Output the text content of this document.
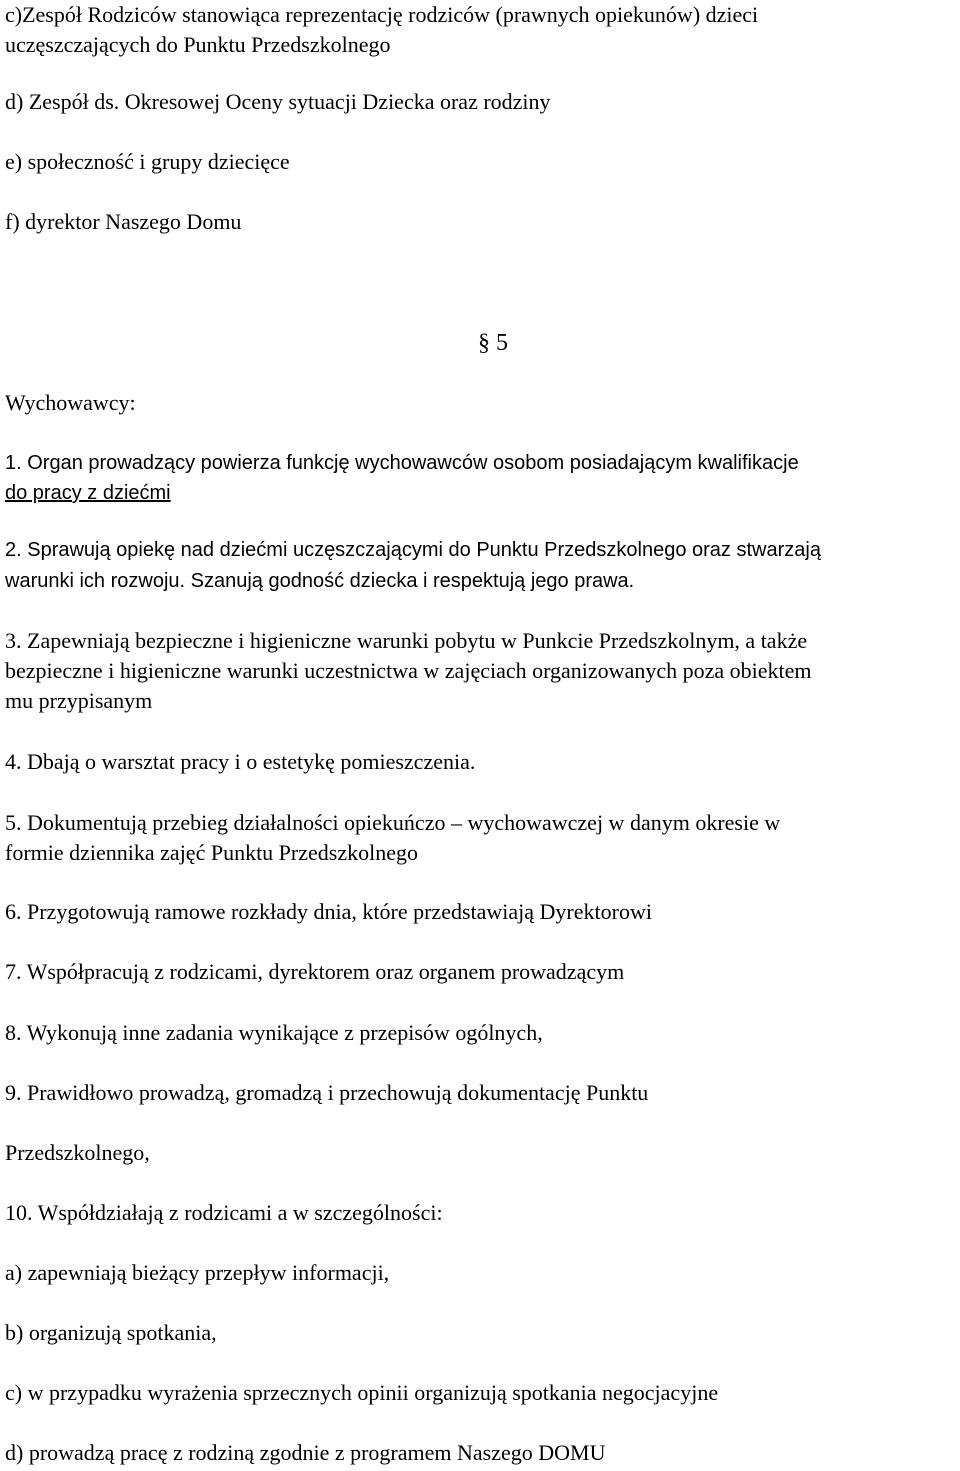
c)Zespół Rodziców stanowiąca reprezentację rodziców (prawnych opiekunów) dzieci
uczęszczających do Punktu Przedszkolnego
d) Zespół ds. Okresowej Oceny sytuacji Dziecka oraz rodziny
e) społeczność i grupy dziecięce
f) dyrektor Naszego Domu
§ 5
Wychowawcy:
1. Organ prowadzący powierza funkcję wychowawców osobom posiadającym kwalifikacje
do pracy z dziećmi
2. Sprawują opiekę nad dziećmi uczęszczającymi do Punktu Przedszkolnego oraz stwarzają
warunki ich rozwoju. Szanują godność dziecka i respektują jego prawa.
3. Zapewniają bezpieczne i higieniczne warunki pobytu w Punkcie Przedszkolnym, a także
bezpieczne i higieniczne warunki uczestnictwa w zajęciach organizowanych poza obiektem
mu przypisanym
4. Dbają o warsztat pracy i o estetykę pomieszczenia.
5. Dokumentują przebieg działalności opiekuńczo – wychowawczej w danym okresie w
formie dziennika zajęć Punktu Przedszkolnego
6. Przygotowują ramowe rozkłady dnia, które przedstawiają Dyrektorowi
7. Współpracują z rodzicami, dyrektorem oraz organem prowadzącym
8. Wykonują inne zadania wynikające z przepisów ogólnych,
9. Prawidłowo prowadzą, gromadzą i przechowują dokumentację Punktu
Przedszkolnego,
10. Współdziałają z rodzicami a w szczególności:
a) zapewniają bieżący przepływ informacji,
b) organizują spotkania,
c) w przypadku wyrażenia sprzecznych opinii organizują spotkania negocjacyjne
d) prowadzą pracę z rodziną zgodnie z programem Naszego DOMU
